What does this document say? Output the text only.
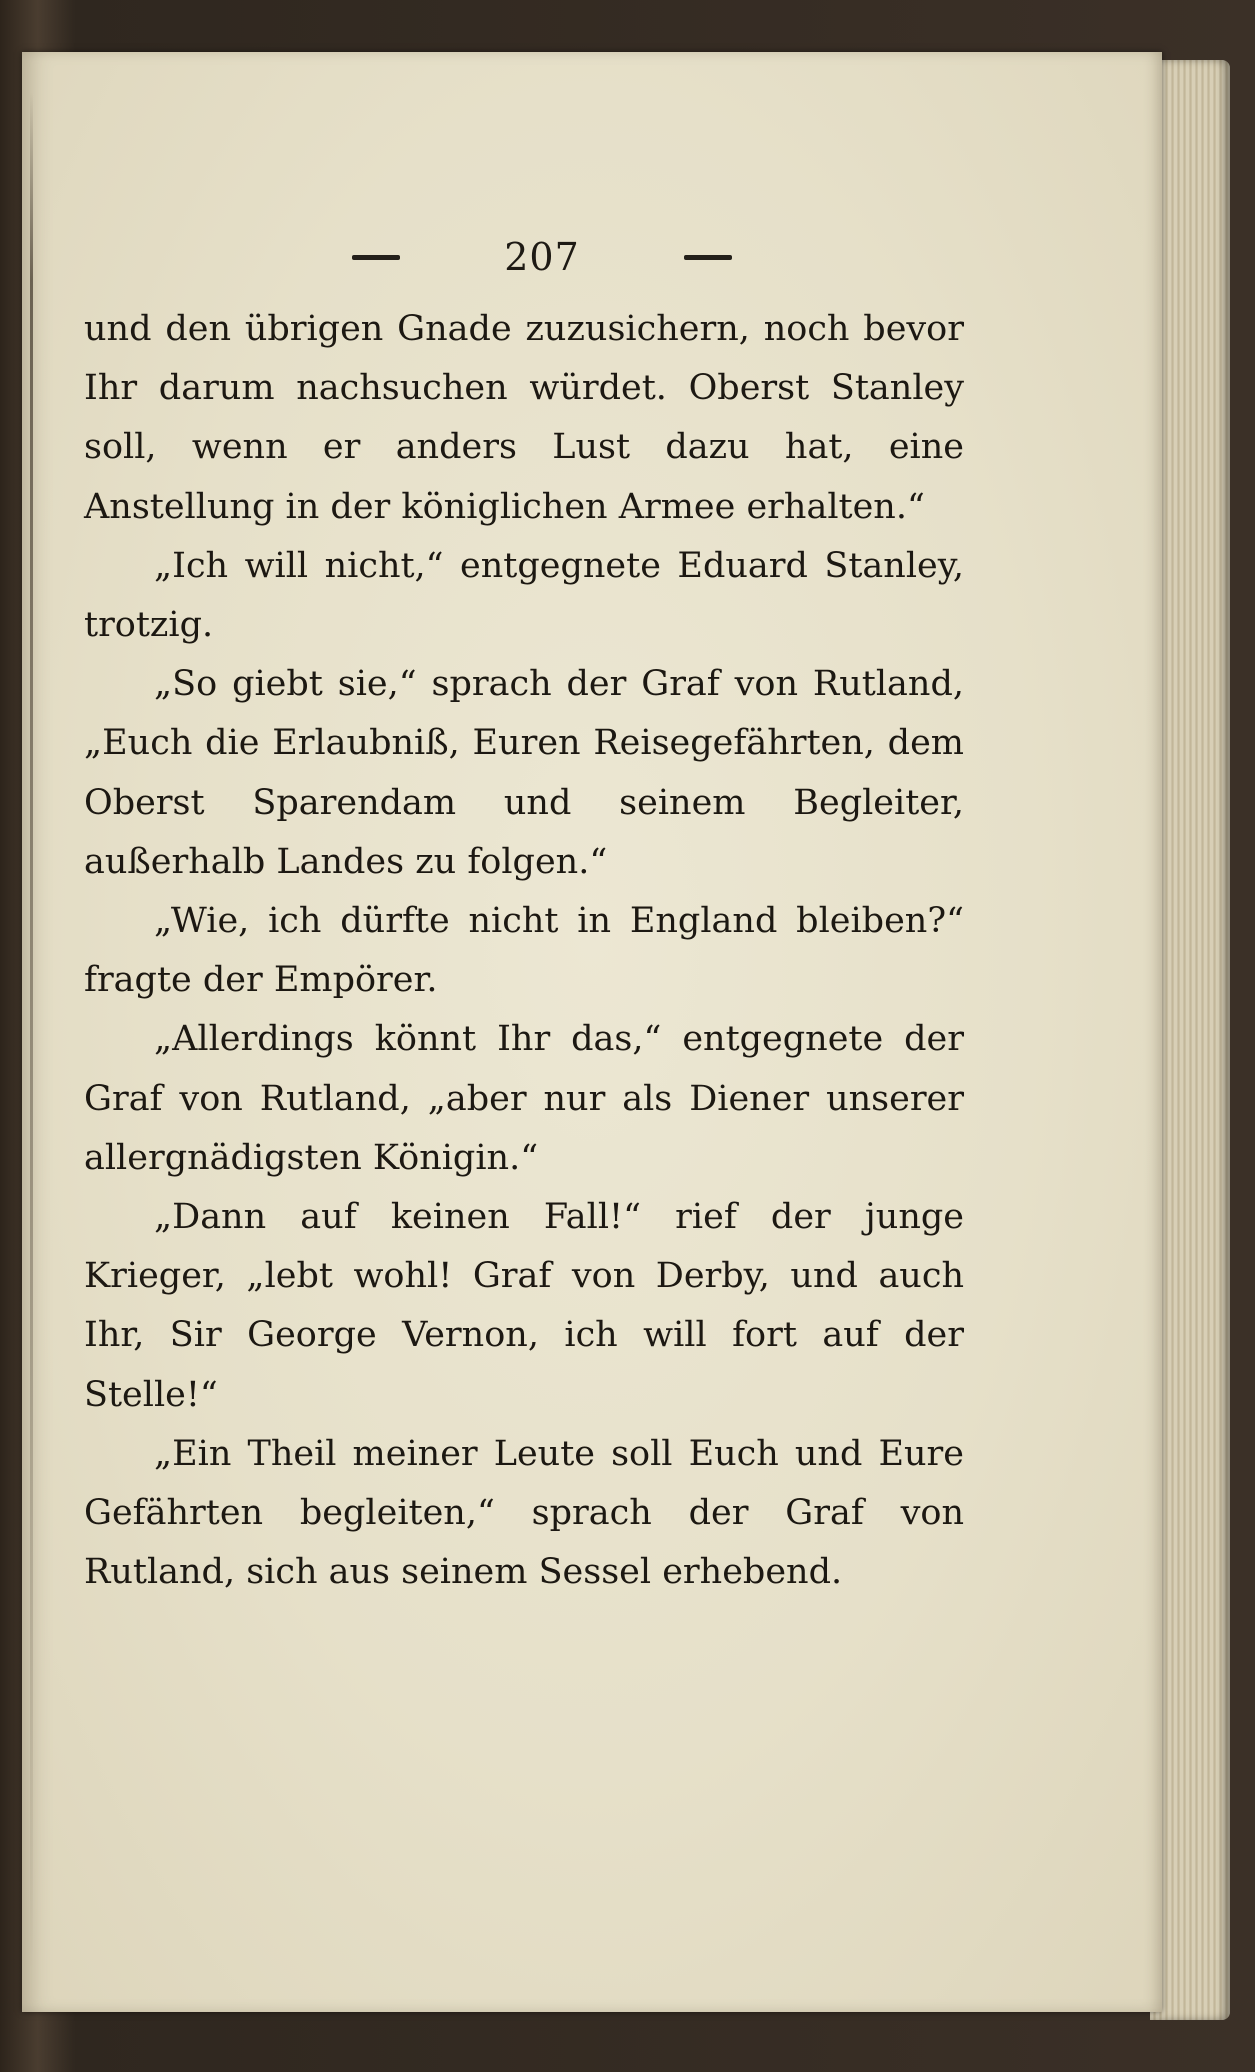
207

und den übrigen Gnade zuzusichern, noch bevor Ihr darum nachsuchen würdet. Oberst Stanley soll, wenn er anders Lust dazu hat, eine Anstellung in der königlichen Armee erhalten.“

„Ich will nicht,“ entgegnete Eduard Stanley, trotzig.

„So giebt sie,“ sprach der Graf von Rutland, „Euch die Erlaubniß, Euren Reisegefährten, dem Oberst Sparendam und seinem Begleiter, außerhalb Landes zu folgen.“

„Wie, ich dürfte nicht in England bleiben?“ fragte der Empörer.

„Allerdings könnt Ihr das,“ entgegnete der Graf von Rutland, „aber nur als Diener unserer allergnädigsten Königin.“

„Dann auf keinen Fall!“ rief der junge Krieger, „lebt wohl! Graf von Derby, und auch Ihr, Sir George Vernon, ich will fort auf der Stelle!“

„Ein Theil meiner Leute soll Euch und Eure Gefährten begleiten,“ sprach der Graf von Rutland, sich aus seinem Sessel erhebend.
